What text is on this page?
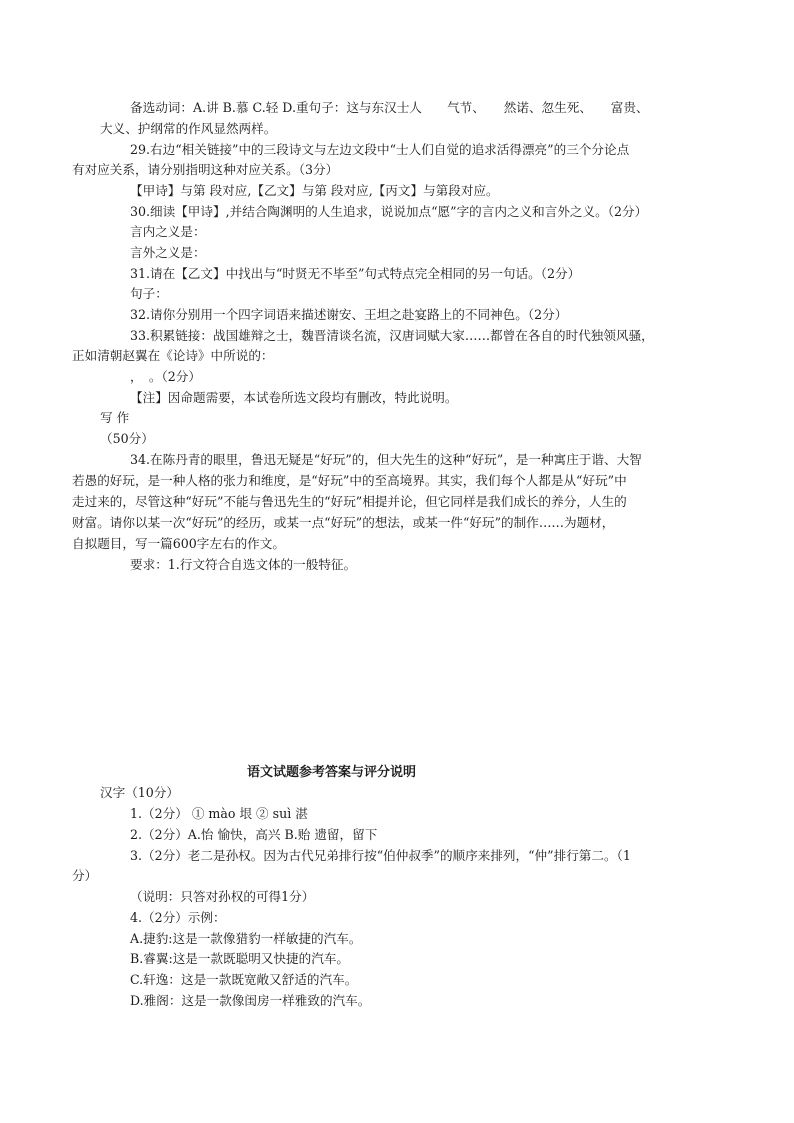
备选动词：A.讲 B.慕 C.轻 D.重句子：这与东汉士人　　气节、　　然诺、忽生死、　　富贵、
大义、护纲常的作风显然两样。
29.右边“相关链接”中的三段诗文与左边文段中“士人们自觉的追求活得漂亮”的三个分论点
有对应关系，请分别指明这种对应关系。（3分）
【甲诗】与第 段对应,【乙文】与第 段对应,【丙文】与第段对应。
30.细读【甲诗】,并结合陶渊明的人生追求，说说加点“愿”字的言内之义和言外之义。（2分）
言内之义是：
言外之义是：
31.请在【乙文】中找出与“时贤无不毕至”句式特点完全相同的另一句话。（2分）
句子：
32.请你分别用一个四字词语来描述谢安、王坦之赴宴路上的不同神色。（2分）
33.积累链接：战国雄辩之士，魏晋清谈名流，汉唐词赋大家……都曾在各自的时代独领风骚，
正如清朝赵翼在《论诗》中所说的：
，　。（2分）
【注】因命题需要，本试卷所选文段均有删改，特此说明。
写 作
（50分）
34.在陈丹青的眼里，鲁迅无疑是“好玩”的，但大先生的这种“好玩”，是一种寓庄于谐、大智
若愚的好玩，是一种人格的张力和维度，是“好玩”中的至高境界。其实，我们每个人都是从“好玩”中
走过来的，尽管这种“好玩”不能与鲁迅先生的“好玩”相提并论，但它同样是我们成长的养分，人生的
财富。请你以某一次“好玩”的经历，或某一点“好玩”的想法，或某一件“好玩”的制作……为题材，
自拟题目，写一篇600字左右的作文。
要求：1.行文符合自选文体的一般特征。
语文试题参考答案与评分说明
汉字（10分）
1.（2分） ① mào 垠 ② suì 湛
2.（2分）A.怡 愉快，高兴 B.贻 遗留，留下
3.（2分）老二是孙权。因为古代兄弟排行按“伯仲叔季”的顺序来排列，“仲”排行第二。（1
分）
（说明：只答对孙权的可得1分）
4.（2分）示例：
A.捷豹:这是一款像猎豹一样敏捷的汽车。
B.睿翼:这是一款既聪明又快捷的汽车。
C.轩逸：这是一款既宽敞又舒适的汽车。
D.雅阁：这是一款像闺房一样雅致的汽车。
